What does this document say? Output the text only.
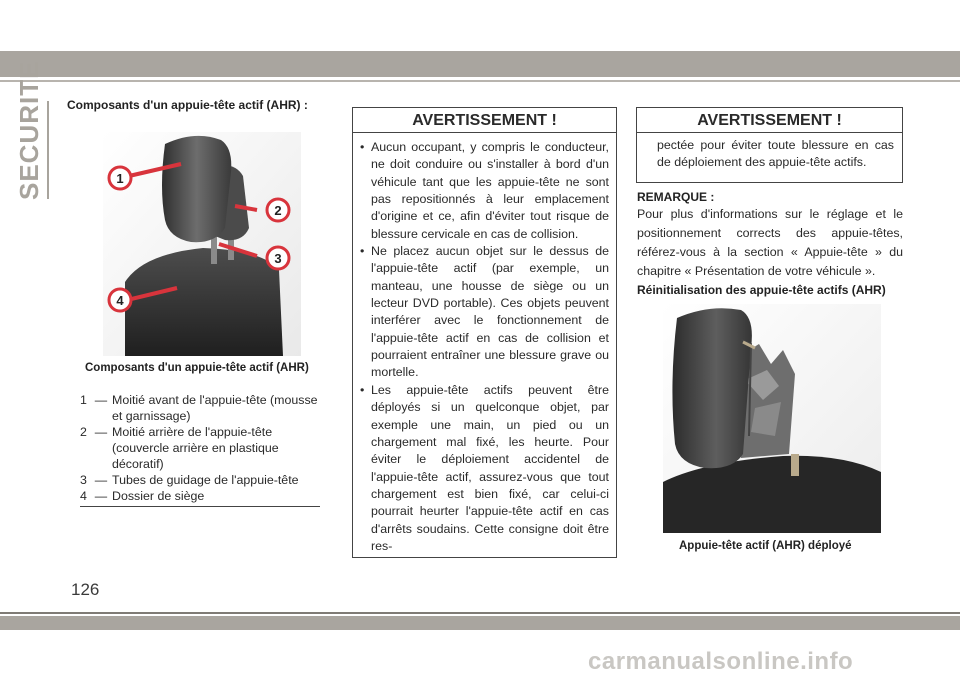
SECURITE Composants d'un appuie-tête actif (AHR) :
1
2
3
4
Composants d'un appuie-tête actif (AHR)
1 — Moitié avant de l'appuie-tête (mousse et garnissage)
2 — Moitié arrière de l'appuie-tête (couvercle arrière en plastique décoratif)
3 — Tubes de guidage de l'appuie-tête
4 — Dossier de siège
AVERTISSEMENT !
• Aucun occupant, y compris le conducteur, ne doit conduire ou s'installer à bord d'un véhicule tant que les appuie-tête ne sont pas repositionnés à leur emplacement d'origine et ce, afin d'éviter tout risque de blessure cervicale en cas de collision.
• Ne placez aucun objet sur le dessus de l'appuie-tête actif (par exemple, un manteau, une housse de siège ou un lecteur DVD portable). Ces objets peuvent interférer avec le fonctionnement de l'appuie-tête actif en cas de collision et pourraient entraîner une blessure grave ou mortelle.
• Les appuie-tête actifs peuvent être déployés si un quelconque objet, par exemple une main, un pied ou un chargement mal fixé, les heurte. Pour éviter le déploiement accidentel de l'appuie-tête actif, assurez-vous que tout chargement est bien fixé, car celui-ci pourrait heurter l'appuie-tête actif en cas d'arrêts soudains. Cette consigne doit être res-
AVERTISSEMENT !
pectée pour éviter toute blessure en cas de déploiement des appuie-tête actifs.
REMARQUE :
Pour plus d'informations sur le réglage et le positionnement corrects des appuie-têtes, référez-vous à la section « Appuie-tête » du chapitre « Présentation de votre véhicule ».
Réinitialisation des appuie-tête actifs (AHR)
Appuie-tête actif (AHR) déployé
126
carmanualsonline.info
